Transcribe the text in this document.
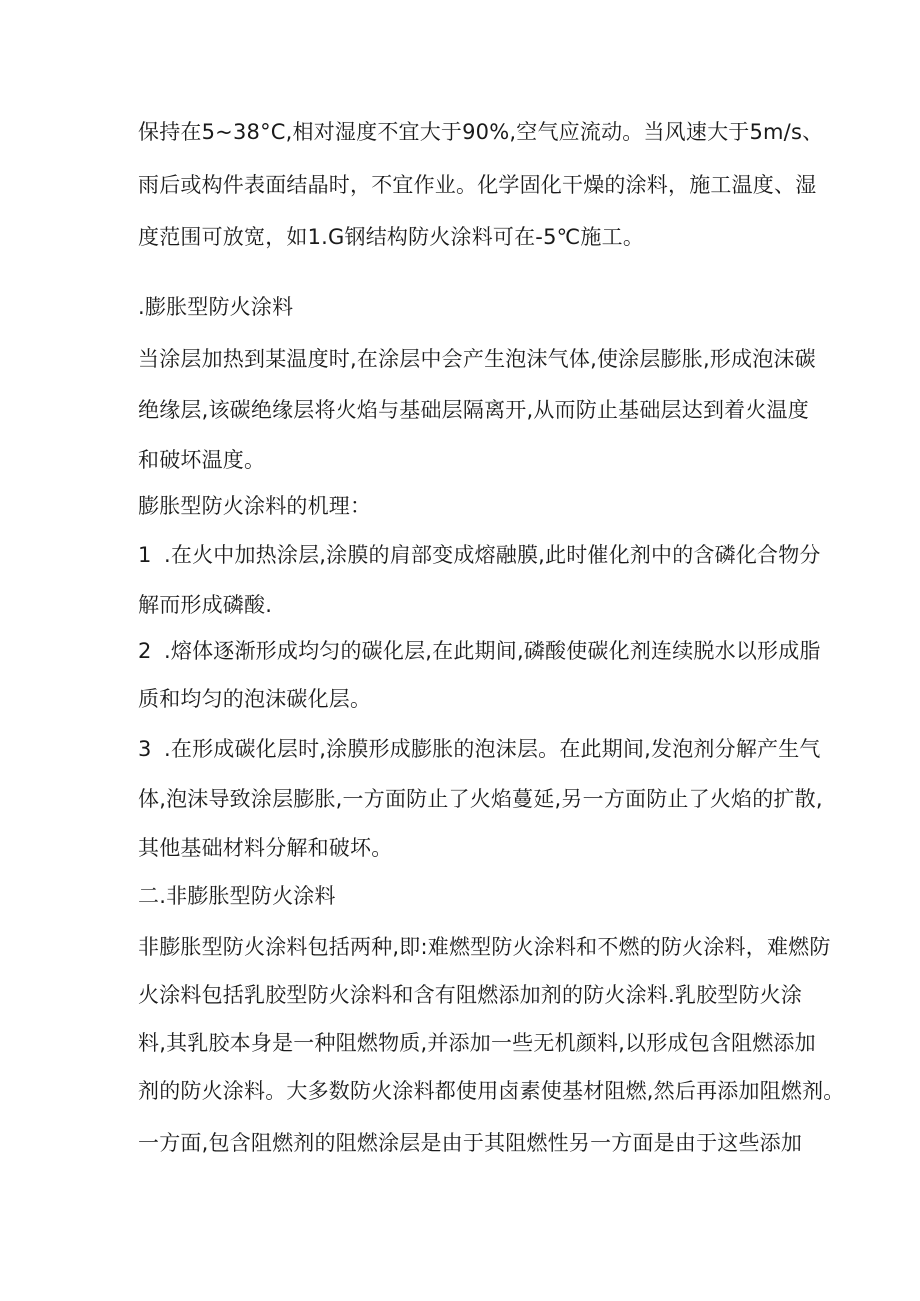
保持在5~38°C,相对湿度不宜大于90%,空气应流动。当风速大于5m/s、
雨后或构件表面结晶时，不宜作业。化学固化干燥的涂料，施工温度、湿
度范围可放宽，如1.G钢结构防火涂料可在-5℃施工。
.膨胀型防火涂料
当涂层加热到某温度时,在涂层中会产生泡沫气体,使涂层膨胀,形成泡沫碳
绝缘层,该碳绝缘层将火焰与基础层隔离开,从而防止基础层达到着火温度
和破坏温度。
膨胀型防火涂料的机理：
1 .在火中加热涂层,涂膜的肩部变成熔融膜,此时催化剂中的含磷化合物分
解而形成磷酸.
2 .熔体逐渐形成均匀的碳化层,在此期间,磷酸使碳化剂连续脱水以形成脂
质和均匀的泡沫碳化层。
3 .在形成碳化层时,涂膜形成膨胀的泡沫层。在此期间,发泡剂分解产生气
体,泡沫导致涂层膨胀,一方面防止了火焰蔓延,另一方面防止了火焰的扩散,
其他基础材料分解和破坏。
二.非膨胀型防火涂料
非膨胀型防火涂料包括两种,即:难燃型防火涂料和不燃的防火涂料，难燃防
火涂料包括乳胶型防火涂料和含有阻燃添加剂的防火涂料.乳胶型防火涂
料,其乳胶本身是一种阻燃物质,并添加一些无机颜料,以形成包含阻燃添加
剂的防火涂料。大多数防火涂料都使用卤素使基材阻燃,然后再添加阻燃剂。
一方面,包含阻燃剂的阻燃涂层是由于其阻燃性另一方面是由于这些添加
